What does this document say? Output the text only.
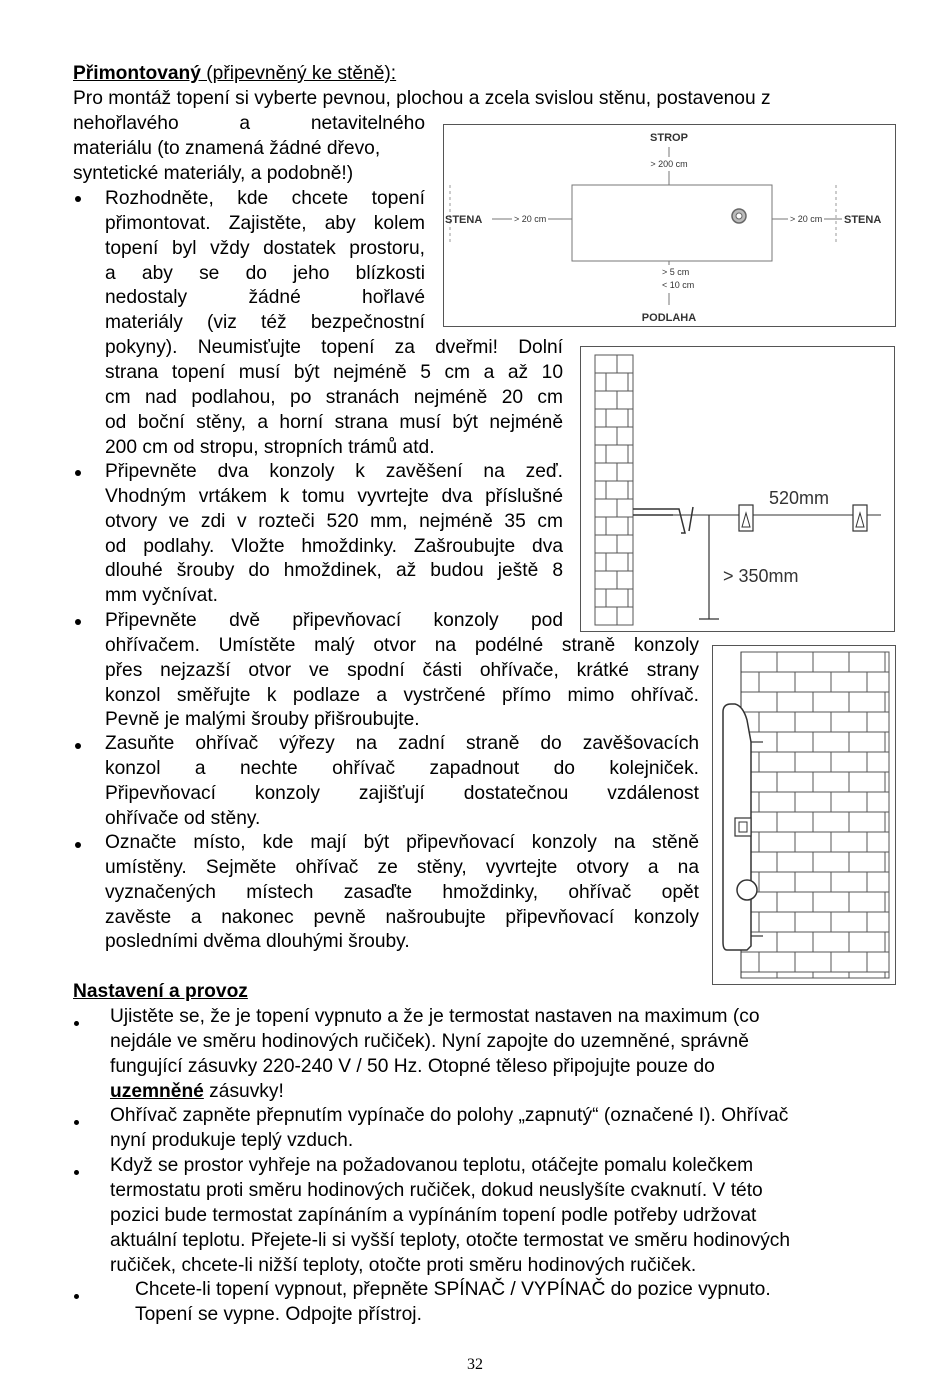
Přimontovaný (připevněný ke stěně):
Pro montáž topení si vyberte pevnou, plochou a zcela svislou stěnu, postavenou z
nehořlavého a netavitelného
materiálu (to znamená žádné dřevo,
syntetické materiály, a podobně!)
Rozhodněte, kde chcete topení
přimontovat. Zajistěte, aby kolem
topení byl vždy dostatek prostoru,
a aby se do jeho blízkosti
nedostaly žádné hořlavé
materiály (viz též bezpečnostní
pokyny). Neumisťujte topení za dveřmi! Dolní
strana topení musí být nejméně 5 cm a až 10
cm nad podlahou, po stranách nejméně 20 cm
od boční stěny, a horní strana musí být nejméně
200 cm od stropu, stropních trámů atd.
Připevněte dva konzoly k zavěšení na zeď.
Vhodným vrtákem k tomu vyvrtejte dva příslušné
otvory ve zdi v rozteči 520 mm, nejméně 35 cm
od podlahy. Vložte hmoždinky. Zašroubujte dva
dlouhé šrouby do hmoždinek, až budou ještě 8
mm vyčnívat.
Připevněte dvě připevňovací konzoly pod
ohřívačem. Umístěte malý otvor na podélné straně konzoly
přes nejzazší otvor ve spodní části ohřívače, krátké strany
konzol směřujte k podlaze a vystrčené přímo mimo ohřívač.
Pevně je malými šrouby přišroubujte.
Zasuňte ohřívač výřezy na zadní straně do zavěšovacích
konzol a nechte ohřívač zapadnout do kolejniček.
Připevňovací konzoly zajišťují dostatečnou vzdálenost
ohřívače od stěny.
Označte místo, kde mají být připevňovací konzoly na stěně
umístěny. Sejměte ohřívač ze stěny, vyvrtejte otvory a na
vyznačených místech zasaďte hmoždinky, ohřívač opět
zavěste a nakonec pevně našroubujte připevňovací konzoly
posledními dvěma dlouhými šrouby.
STROP
> 200 cm
STENA	> 20 cm	> 20 cm STENA
> 5 cm
< 10 cm
PODLAHA
520mm
> 350mm
Nastavení a provoz
Ujistěte se, že je topení vypnuto a že je termostat nastaven na maximum (co
nejdále ve směru hodinových ručiček). Nyní zapojte do uzemněné, správně
fungující zásuvky 220-240 V / 50 Hz. Otopné těleso připojujte pouze do
uzemněné zásuvky!
Ohřívač zapněte přepnutím vypínače do polohy „zapnutý“ (označené I). Ohřívač
nyní produkuje teplý vzduch.
Když se prostor vyhřeje na požadovanou teplotu, otáčejte pomalu kolečkem
termostatu proti směru hodinových ručiček, dokud neuslyšíte cvaknutí. V této
pozici bude termostat zapínáním a vypínáním topení podle potřeby udržovat
aktuální teplotu. Přejete-li si vyšší teploty, otočte termostat ve směru hodinových
ručiček, chcete-li nižší teploty, otočte proti směru hodinových ručiček.
Chcete-li topení vypnout, přepněte SPÍNAČ / VYPÍNAČ do pozice vypnuto.
Topení se vypne. Odpojte přístroj.
32
